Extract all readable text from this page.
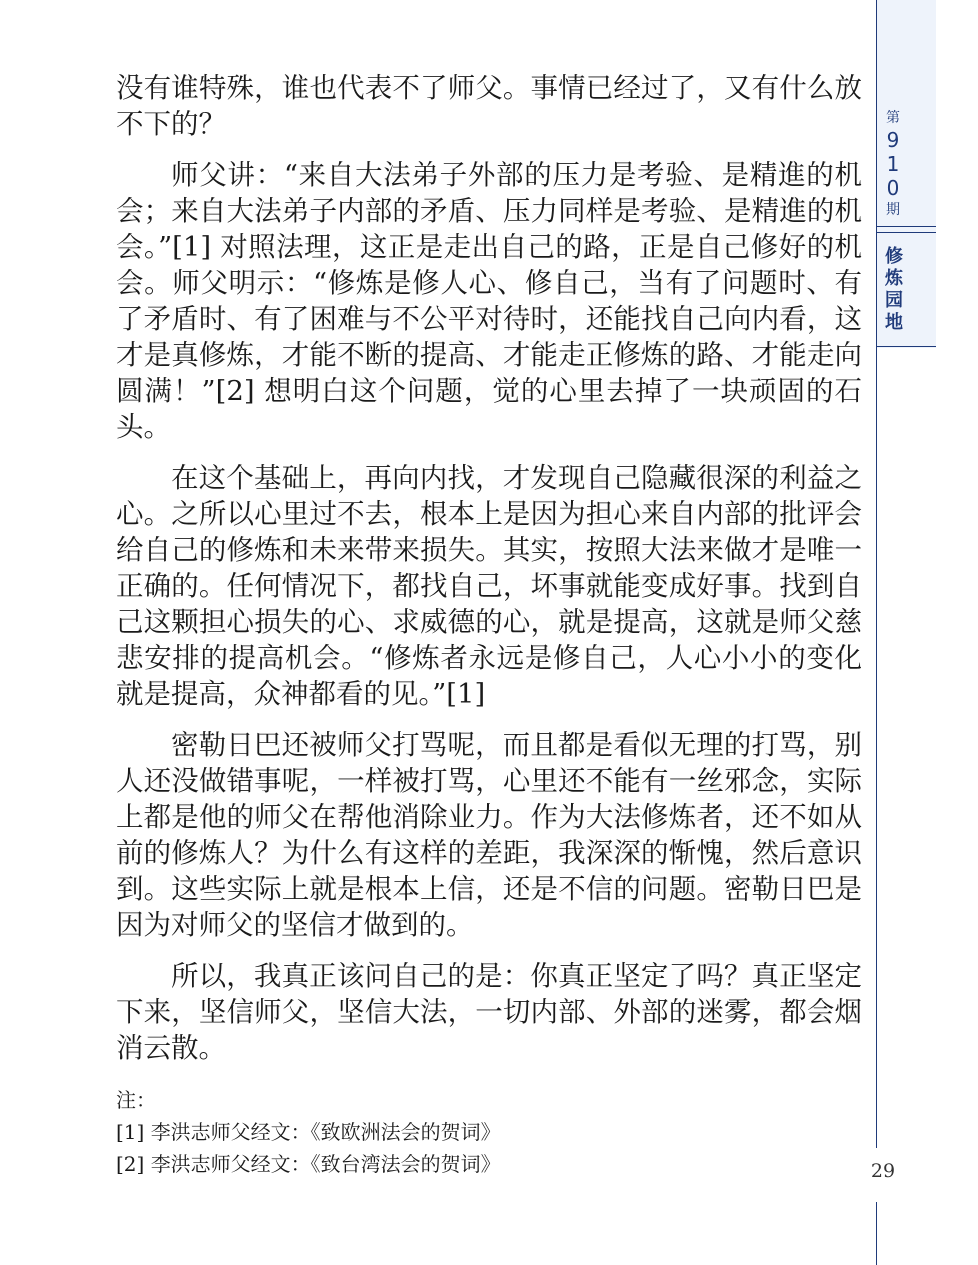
第
9
1
0
期
修
炼
园
地

没有谁特殊，谁也代表不了师父。事情已经过了，又有什么放不下的？

师父讲：“来自大法弟子外部的压力是考验、是精進的机会；来自大法弟子内部的矛盾、压力同样是考验、是精進的机会。”[1] 对照法理，这正是走出自己的路，正是自己修好的机会。师父明示：“修炼是修人心、修自己，当有了问题时、有了矛盾时、有了困难与不公平对待时，还能找自己向内看，这才是真修炼，才能不断的提高、才能走正修炼的路、才能走向圆满！”[2] 想明白这个问题，觉的心里去掉了一块顽固的石头。

在这个基础上，再向内找，才发现自己隐藏很深的利益之心。之所以心里过不去，根本上是因为担心来自内部的批评会给自己的修炼和未来带来损失。其实，按照大法来做才是唯一正确的。任何情况下，都找自己，坏事就能变成好事。找到自己这颗担心损失的心、求威德的心，就是提高，这就是师父慈悲安排的提高机会。“修炼者永远是修自己，人心小小的变化就是提高，众神都看的见。”[1]

密勒日巴还被师父打骂呢，而且都是看似无理的打骂，别人还没做错事呢，一样被打骂，心里还不能有一丝邪念，实际上都是他的师父在帮他消除业力。作为大法修炼者，还不如从前的修炼人？为什么有这样的差距，我深深的惭愧，然后意识到。这些实际上就是根本上信，还是不信的问题。密勒日巴是因为对师父的坚信才做到的。

所以，我真正该问自己的是：你真正坚定了吗？真正坚定下来，坚信师父，坚信大法，一切内部、外部的迷雾，都会烟消云散。

注：
[1] 李洪志师父经文：《致欧洲法会的贺词》
[2] 李洪志师父经文：《致台湾法会的贺词》	29
